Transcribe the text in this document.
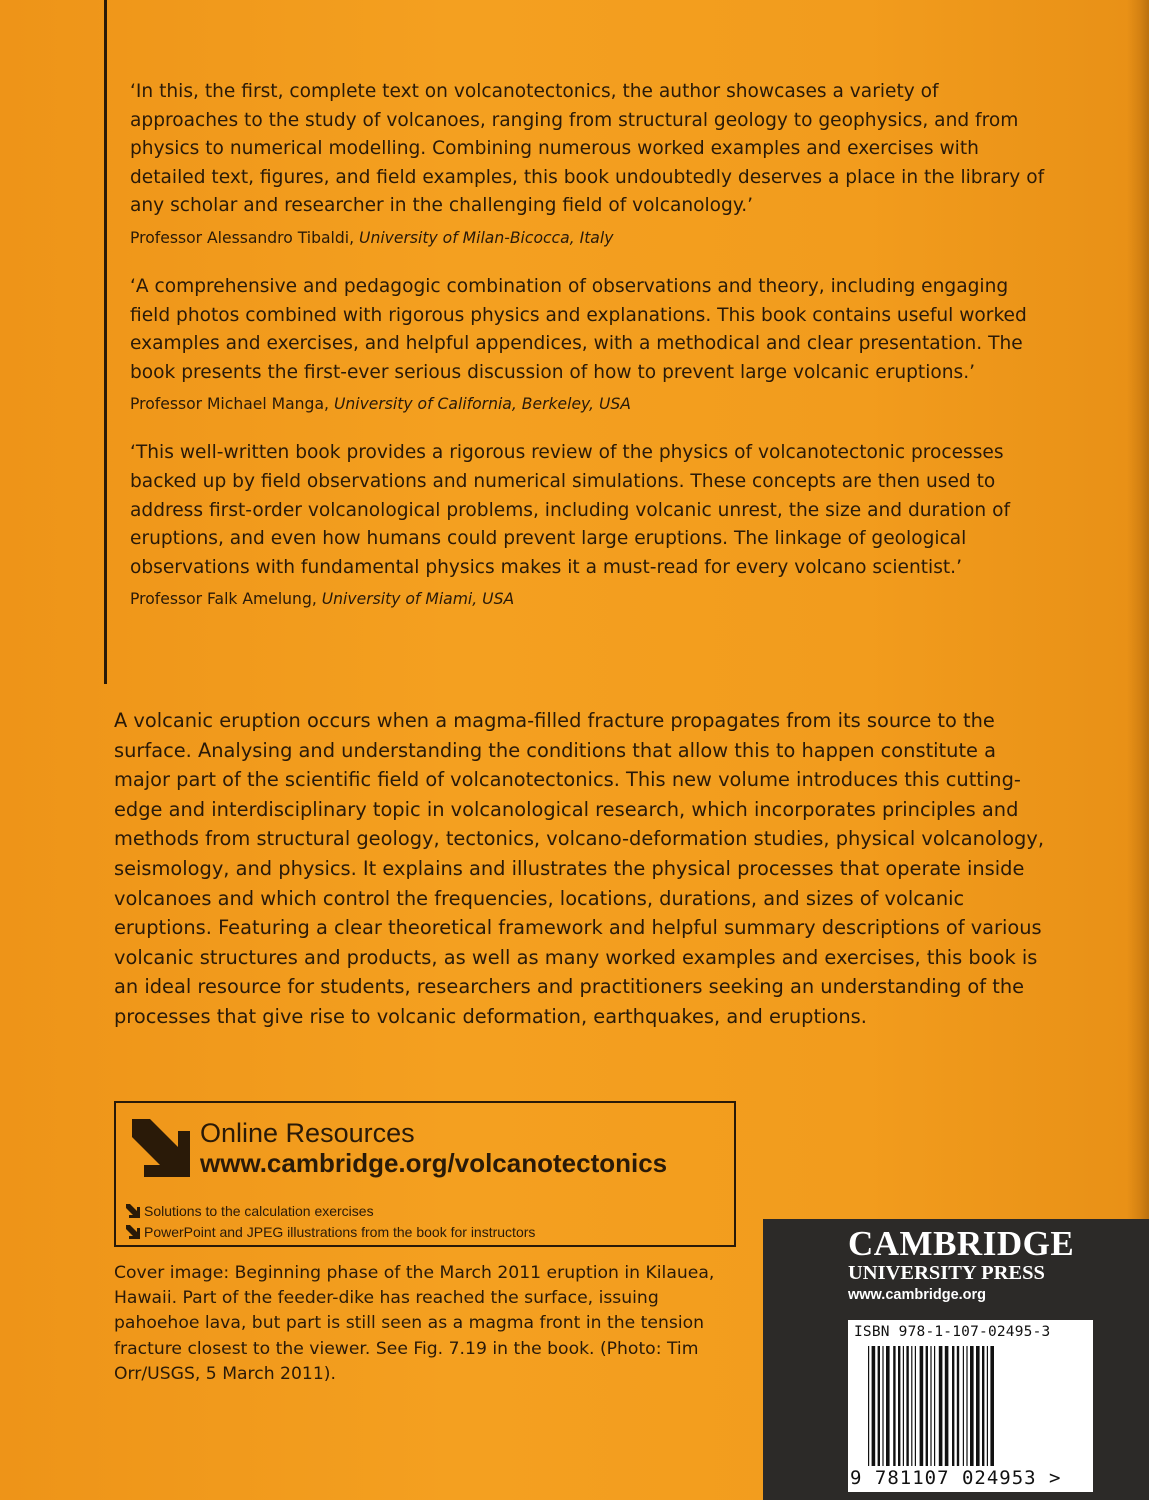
‘In this, the first, complete text on volcanotectonics, the author showcases a variety of approaches to the study of volcanoes, ranging from structural geology to geophysics, and from physics to numerical modelling. Combining numerous worked examples and exercises with detailed text, figures, and field examples, this book undoubtedly deserves a place in the library of any scholar and researcher in the challenging field of volcanology.’

Professor Alessandro Tibaldi, University of Milan-Bicocca, Italy

‘A comprehensive and pedagogic combination of observations and theory, including engaging field photos combined with rigorous physics and explanations. This book contains useful worked examples and exercises, and helpful appendices, with a methodical and clear presentation. The book presents the first-ever serious discussion of how to prevent large volcanic eruptions.’

Professor Michael Manga, University of California, Berkeley, USA

‘This well-written book provides a rigorous review of the physics of volcanotectonic processes backed up by field observations and numerical simulations. These concepts are then used to address first-order volcanological problems, including volcanic unrest, the size and duration of eruptions, and even how humans could prevent large eruptions. The linkage of geological observations with fundamental physics makes it a must-read for every volcano scientist.’

Professor Falk Amelung, University of Miami, USA

A volcanic eruption occurs when a magma-filled fracture propagates from its source to the surface. Analysing and understanding the conditions that allow this to happen constitute a major part of the scientific field of volcanotectonics. This new volume introduces this cutting-edge and interdisciplinary topic in volcanological research, which incorporates principles and methods from structural geology, tectonics, volcano-deformation studies, physical volcanology, seismology, and physics. It explains and illustrates the physical processes that operate inside volcanoes and which control the frequencies, locations, durations, and sizes of volcanic eruptions. Featuring a clear theoretical framework and helpful summary descriptions of various volcanic structures and products, as well as many worked examples and exercises, this book is an ideal resource for students, researchers and practitioners seeking an understanding of the processes that give rise to volcanic deformation, earthquakes, and eruptions.

Online Resources
www.cambridge.org/volcanotectonics
Solutions to the calculation exercises
PowerPoint and JPEG illustrations from the book for instructors

Cover image: Beginning phase of the March 2011 eruption in Kilauea, Hawaii. Part of the feeder-dike has reached the surface, issuing pahoehoe lava, but part is still seen as a magma front in the tension fracture closest to the viewer. See Fig. 7.19 in the book. (Photo: Tim Orr/USGS, 5 March 2011).

CAMBRIDGE
UNIVERSITY PRESS
www.cambridge.org
ISBN 978-1-107-02495-3
9 781107 024953 >
